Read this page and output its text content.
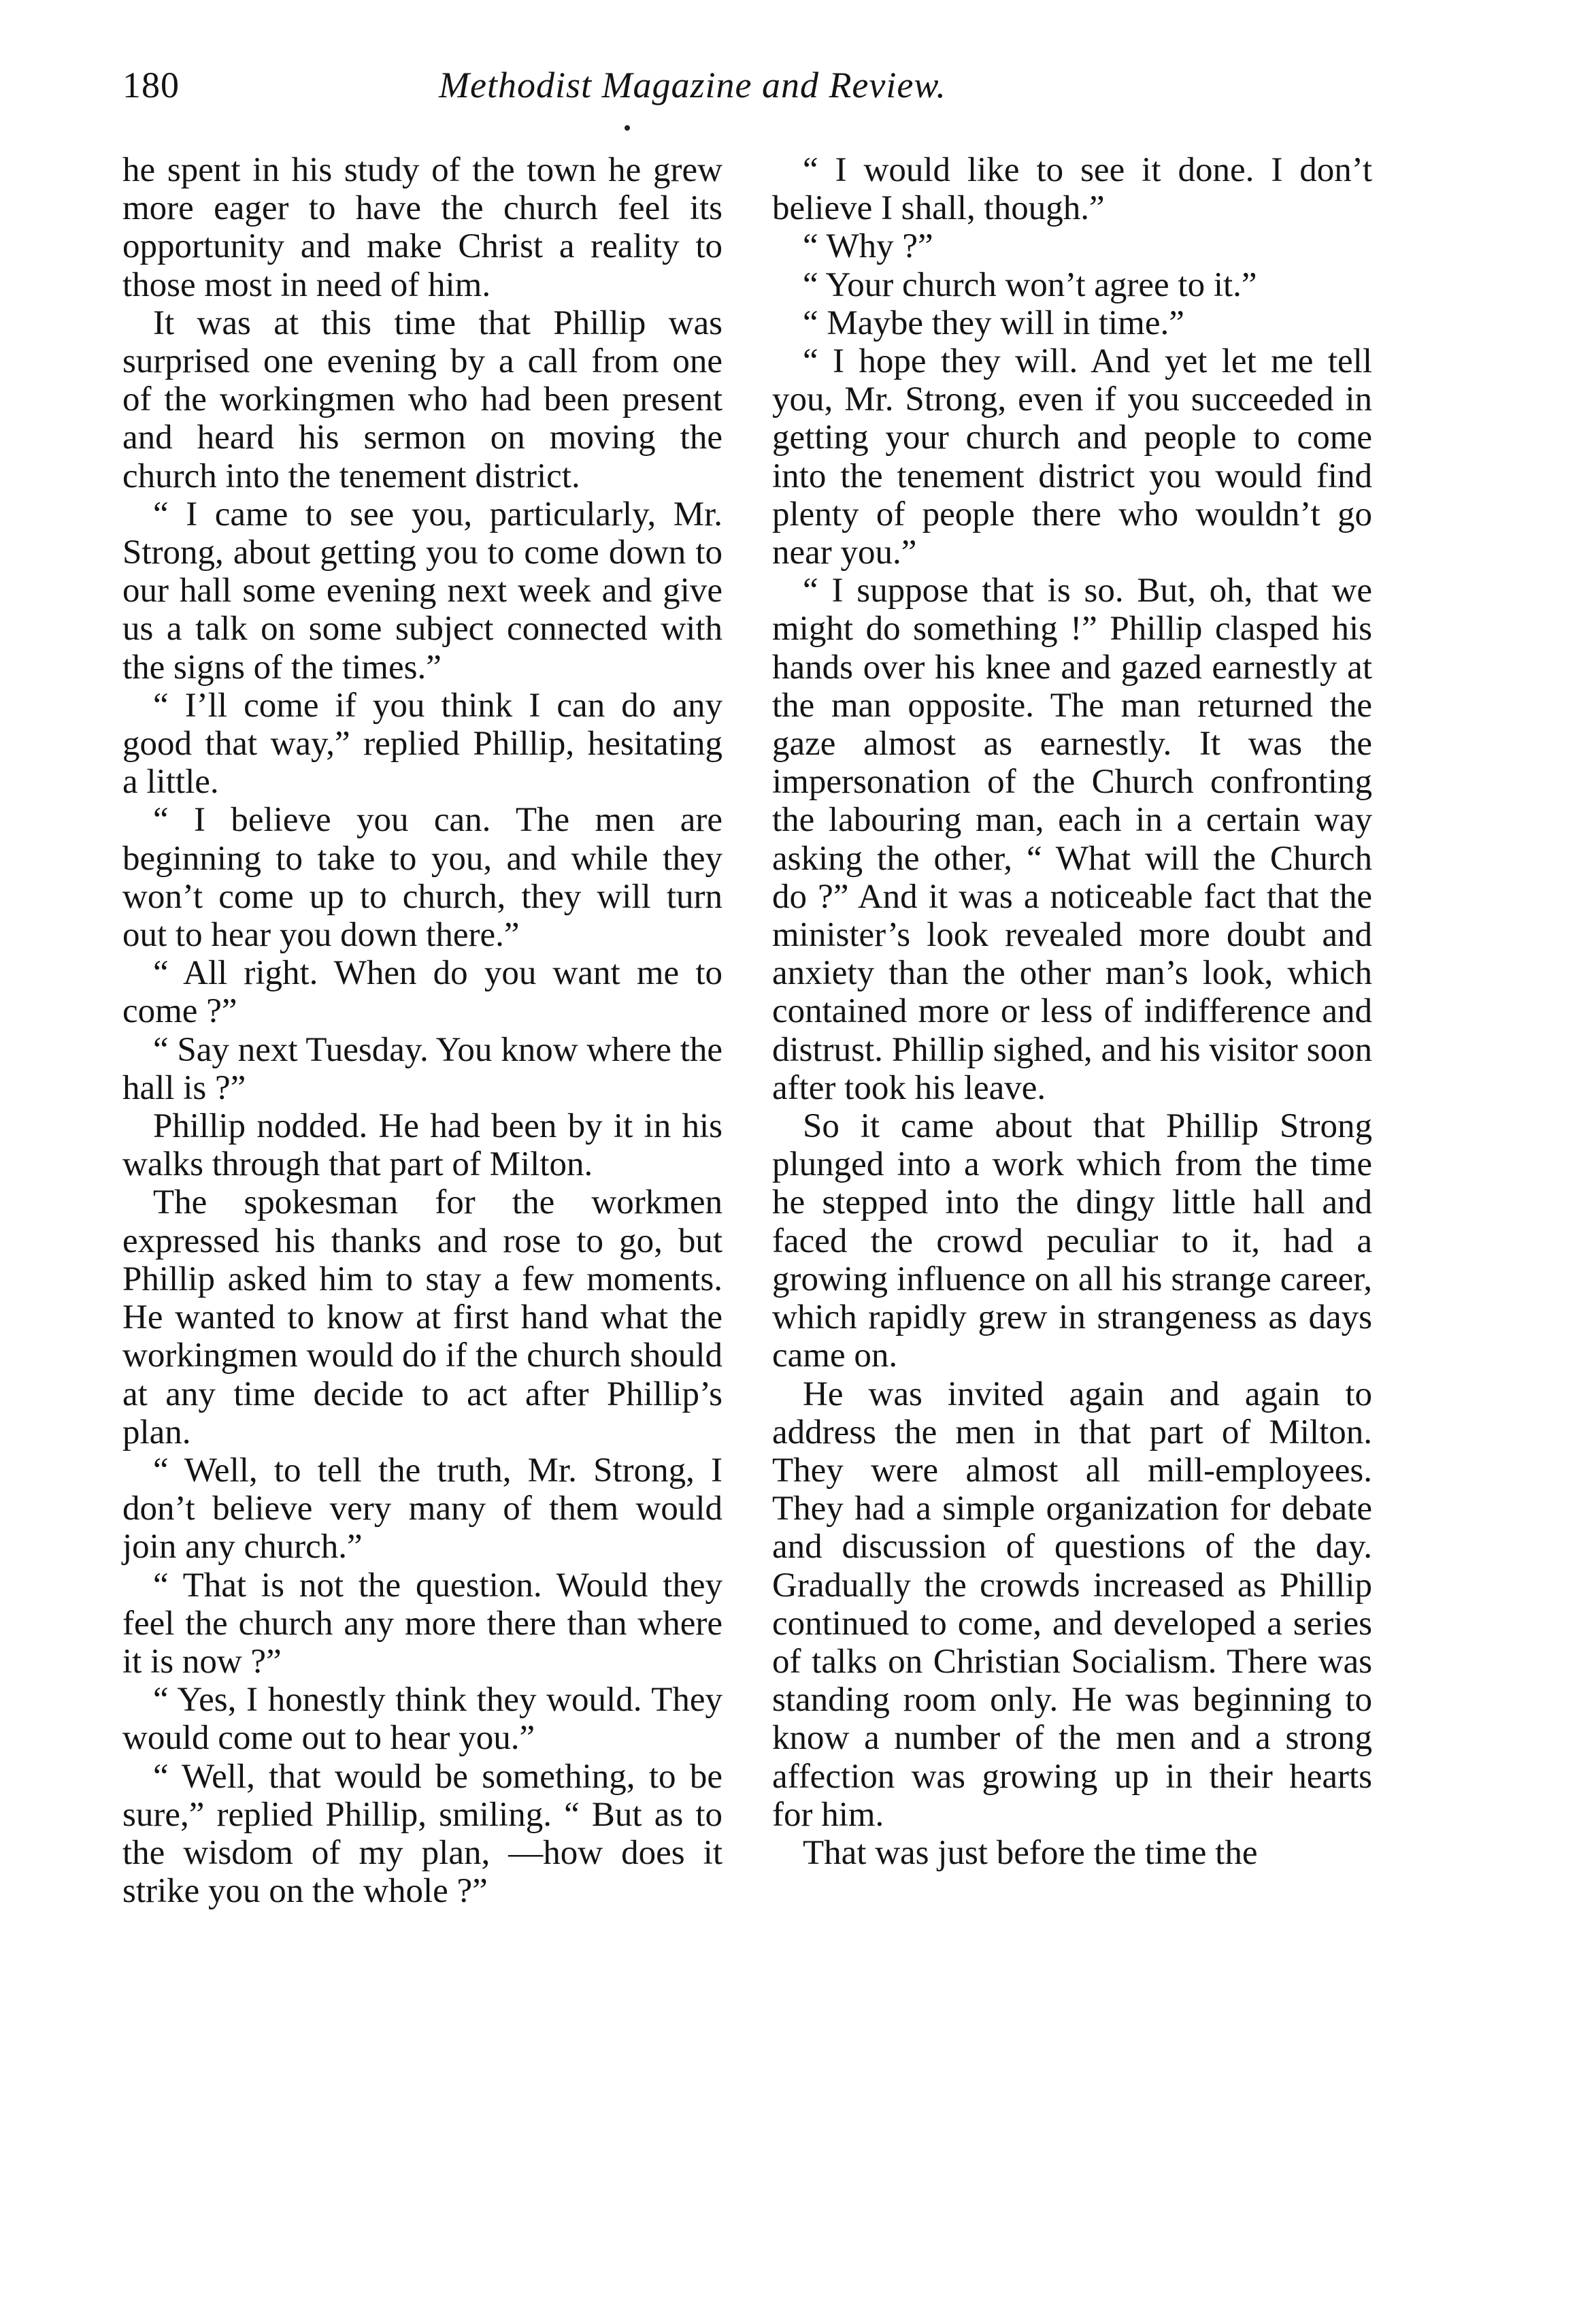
180	Methodist Magazine and Review.

he spent in his study of the town he grew more eager to have the church feel its opportunity and make Christ a reality to those most in need of him.

It was at this time that Phillip was surprised one evening by a call from one of the workingmen who had been present and heard his sermon on moving the church into the tenement district.

“ I came to see you, particularly, Mr. Strong, about getting you to come down to our hall some evening next week and give us a talk on some subject connected with the signs of the times.”

“ I’ll come if you think I can do any good that way,” replied Phillip, hesitating a little.

“ I believe you can. The men are beginning to take to you, and while they won’t come up to church, they will turn out to hear you down there.”

“ All right. When do you want me to come ?”

“ Say next Tuesday. You know where the hall is ?”

Phillip nodded. He had been by it in his walks through that part of Milton.

The spokesman for the workmen expressed his thanks and rose to go, but Phillip asked him to stay a few moments. He wanted to know at first hand what the workingmen would do if the church should at any time decide to act after Phillip’s plan.

“ Well, to tell the truth, Mr. Strong, I don’t believe very many of them would join any church.”

“ That is not the question. Would they feel the church any more there than where it is now ?”

“ Yes, I honestly think they would. They would come out to hear you.”

“ Well, that would be something, to be sure,” replied Phillip, smiling. “ But as to the wisdom of my plan, —how does it strike you on the whole ?”

“ I would like to see it done. I don’t believe I shall, though.”

“ Why ?”

“ Your church won’t agree to it.”

“ Maybe they will in time.”

“ I hope they will. And yet let me tell you, Mr. Strong, even if you succeeded in getting your church and people to come into the tenement district you would find plenty of people there who wouldn’t go near you.”

“ I suppose that is so. But, oh, that we might do something !” Phillip clasped his hands over his knee and gazed earnestly at the man opposite. The man returned the gaze almost as earnestly. It was the impersonation of the Church confronting the labouring man, each in a certain way asking the other, “ What will the Church do ?” And it was a noticeable fact that the minister’s look revealed more doubt and anxiety than the other man’s look, which contained more or less of indifference and distrust. Phillip sighed, and his visitor soon after took his leave.

So it came about that Phillip Strong plunged into a work which from the time he stepped into the dingy little hall and faced the crowd peculiar to it, had a growing influence on all his strange career, which rapidly grew in strangeness as days came on.

He was invited again and again to address the men in that part of Milton. They were almost all mill-employees. They had a simple organization for debate and discussion of questions of the day. Gradually the crowds increased as Phillip continued to come, and developed a series of talks on Christian Socialism. There was standing room only. He was beginning to know a number of the men and a strong affection was growing up in their hearts for him.

That was just before the time the
